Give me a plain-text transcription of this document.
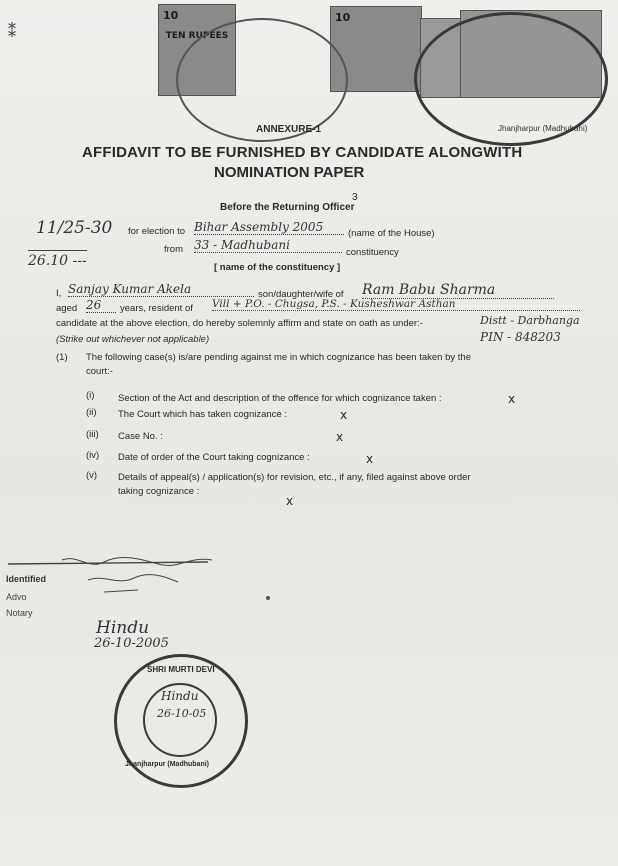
10
TEN RUPEES
10
Jhanjharpur (Madhubani)
⁑
ANNEXURE-1
AFFIDAVIT TO BE FURNISHED BY CANDIDATE ALONGWITH
NOMINATION PAPER
3
Before the Returning Officer
11/25-30
26.10 ---
for election to Bihar Assembly 2005	(name of the House)
from 33 - Madhubani
constituency
[ name of the constituency ]
I, Sanjay Kumar Akela	son/daughter/wife of Ram Babu Sharma
aged 26	years, resident of Vill + P.O. - Chugsa, P.S. - Kusheshwar Asthan
candidate at the above election, do hereby solemnly affirm and state on oath as under:-	Distt - Darbhanga
(Strike out whichever not applicable)	PIN - 848203
(1) The following case(s) is/are pending against me in which cognizance has been taken by the
court:-
(i) Section of the Act and description of the offence for which cognizance taken :	x
(ii) The Court which has taken cognizance :	x
(iii) Case No. :	x
(iv) Date of order of the Court taking cognizance :	x
(v) Details of appeal(s) / application(s) for revision, etc., if any, filed against above order
taking cognizance :
x
Identified
Advo
Notary
Hindu
26-10-2005
SHRI MURTI DEVI
Jhanjharpur (Madhubani)
Hindu
26-10-05
